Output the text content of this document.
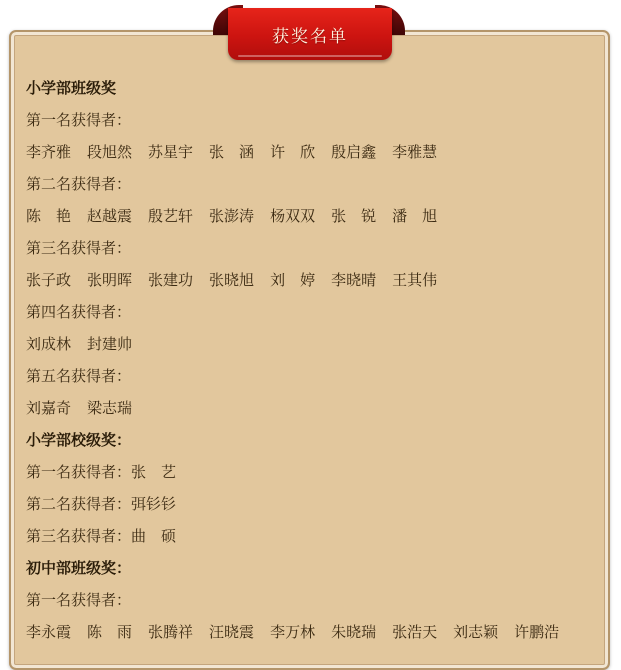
获奖名单
小学部班级奖
第一名获得者：
李齐雅 段旭然 苏星宇 张　涵 许　欣 殷启鑫 李雅慧
第二名获得者：
陈　艳 赵越震 殷艺轩 张澎涛 杨双双 张　锐 潘　旭
第三名获得者：
张子政 张明晖 张建功 张晓旭 刘　婷 李晓晴 王其伟
第四名获得者：
刘成林 封建帅
第五名获得者：
刘嘉奇 梁志瑞
小学部校级奖：
第一名获得者：张　艺
第二名获得者：弭钐钐
第三名获得者：曲　硕
初中部班级奖：
第一名获得者：
李永霞 陈　雨 张腾祥 汪晓震 李万林 朱晓瑞 张浩天 刘志颖 许鹏浩
